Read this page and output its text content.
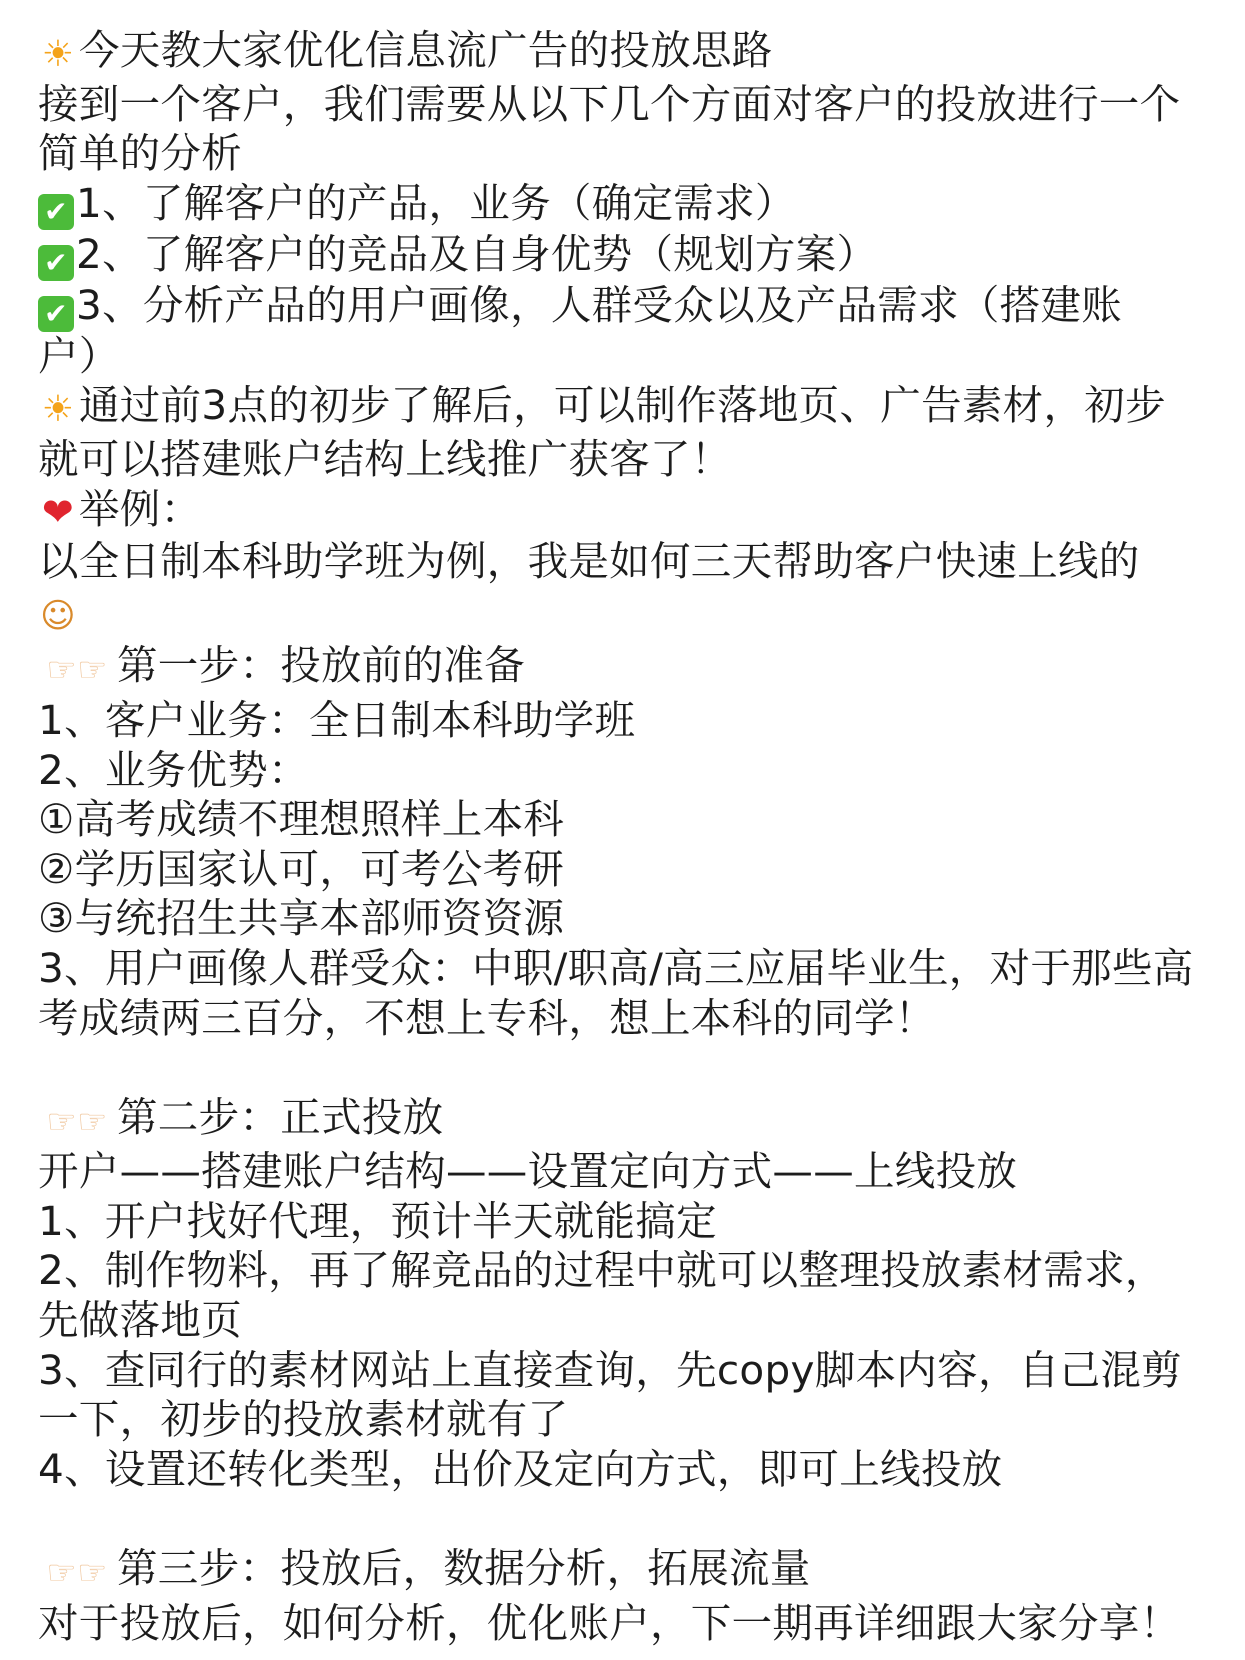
☀ 今天教大家优化信息流广告的投放思路
接到一个客户，我们需要从以下几个方面对客户的投放进行一个
简单的分析
✔ 1、了解客户的产品，业务（确定需求）
✔ 2、了解客户的竞品及自身优势（规划方案）
✔ 3、分析产品的用户画像，人群受众以及产品需求（搭建账
户）
☀ 通过前3点的初步了解后，可以制作落地页、广告素材，初步
就可以搭建账户结构上线推广获客了！
❤ 举例：
以全日制本科助学班为例，我是如何三天帮助客户快速上线的
☺
☞☞ 第一步：投放前的准备
1、客户业务：全日制本科助学班
2、业务优势：
①高考成绩不理想照样上本科
②学历国家认可，可考公考研
③与统招生共享本部师资资源
3、用户画像人群受众：中职/职高/高三应届毕业生，对于那些高
考成绩两三百分，不想上专科，想上本科的同学！
☞☞ 第二步：正式投放
开户——搭建账户结构——设置定向方式——上线投放
1、开户找好代理，预计半天就能搞定
2、制作物料，再了解竞品的过程中就可以整理投放素材需求，
先做落地页
3、查同行的素材网站上直接查询，先copy脚本内容，自己混剪
一下，初步的投放素材就有了
4、设置还转化类型，出价及定向方式，即可上线投放
☞☞ 第三步：投放后，数据分析，拓展流量
对于投放后，如何分析，优化账户，下一期再详细跟大家分享！
